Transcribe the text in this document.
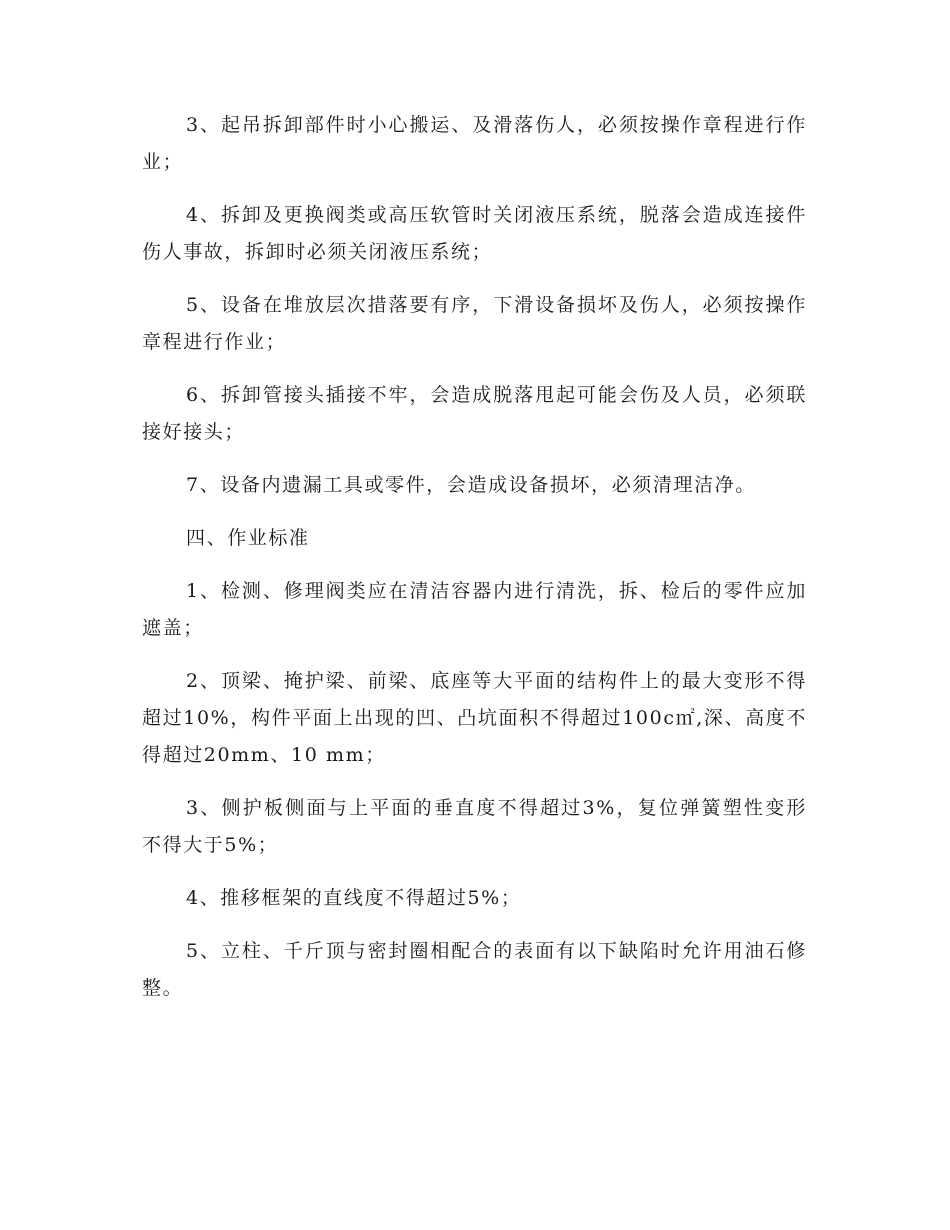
3、起吊拆卸部件时小心搬运、及滑落伤人，必须按操作章程进行作业；

4、拆卸及更换阀类或高压软管时关闭液压系统，脱落会造成连接件伤人事故，拆卸时必须关闭液压系统；

5、设备在堆放层次措落要有序，下滑设备损坏及伤人，必须按操作章程进行作业；

6、拆卸管接头插接不牢，会造成脱落甩起可能会伤及人员，必须联接好接头；

7、设备内遗漏工具或零件，会造成设备损坏，必须清理洁净。

四、作业标准

1、检测、修理阀类应在清洁容器内进行清洗，拆、检后的零件应加遮盖；

2、顶梁、掩护梁、前梁、底座等大平面的结构件上的最大变形不得超过10%，构件平面上出现的凹、凸坑面积不得超过100c㎡,深、高度不得超过20mm、10 mm；

3、侧护板侧面与上平面的垂直度不得超过3%，复位弹簧塑性变形不得大于5%；

4、推移框架的直线度不得超过5%；

5、立柱、千斤顶与密封圈相配合的表面有以下缺陷时允许用油石修整。
